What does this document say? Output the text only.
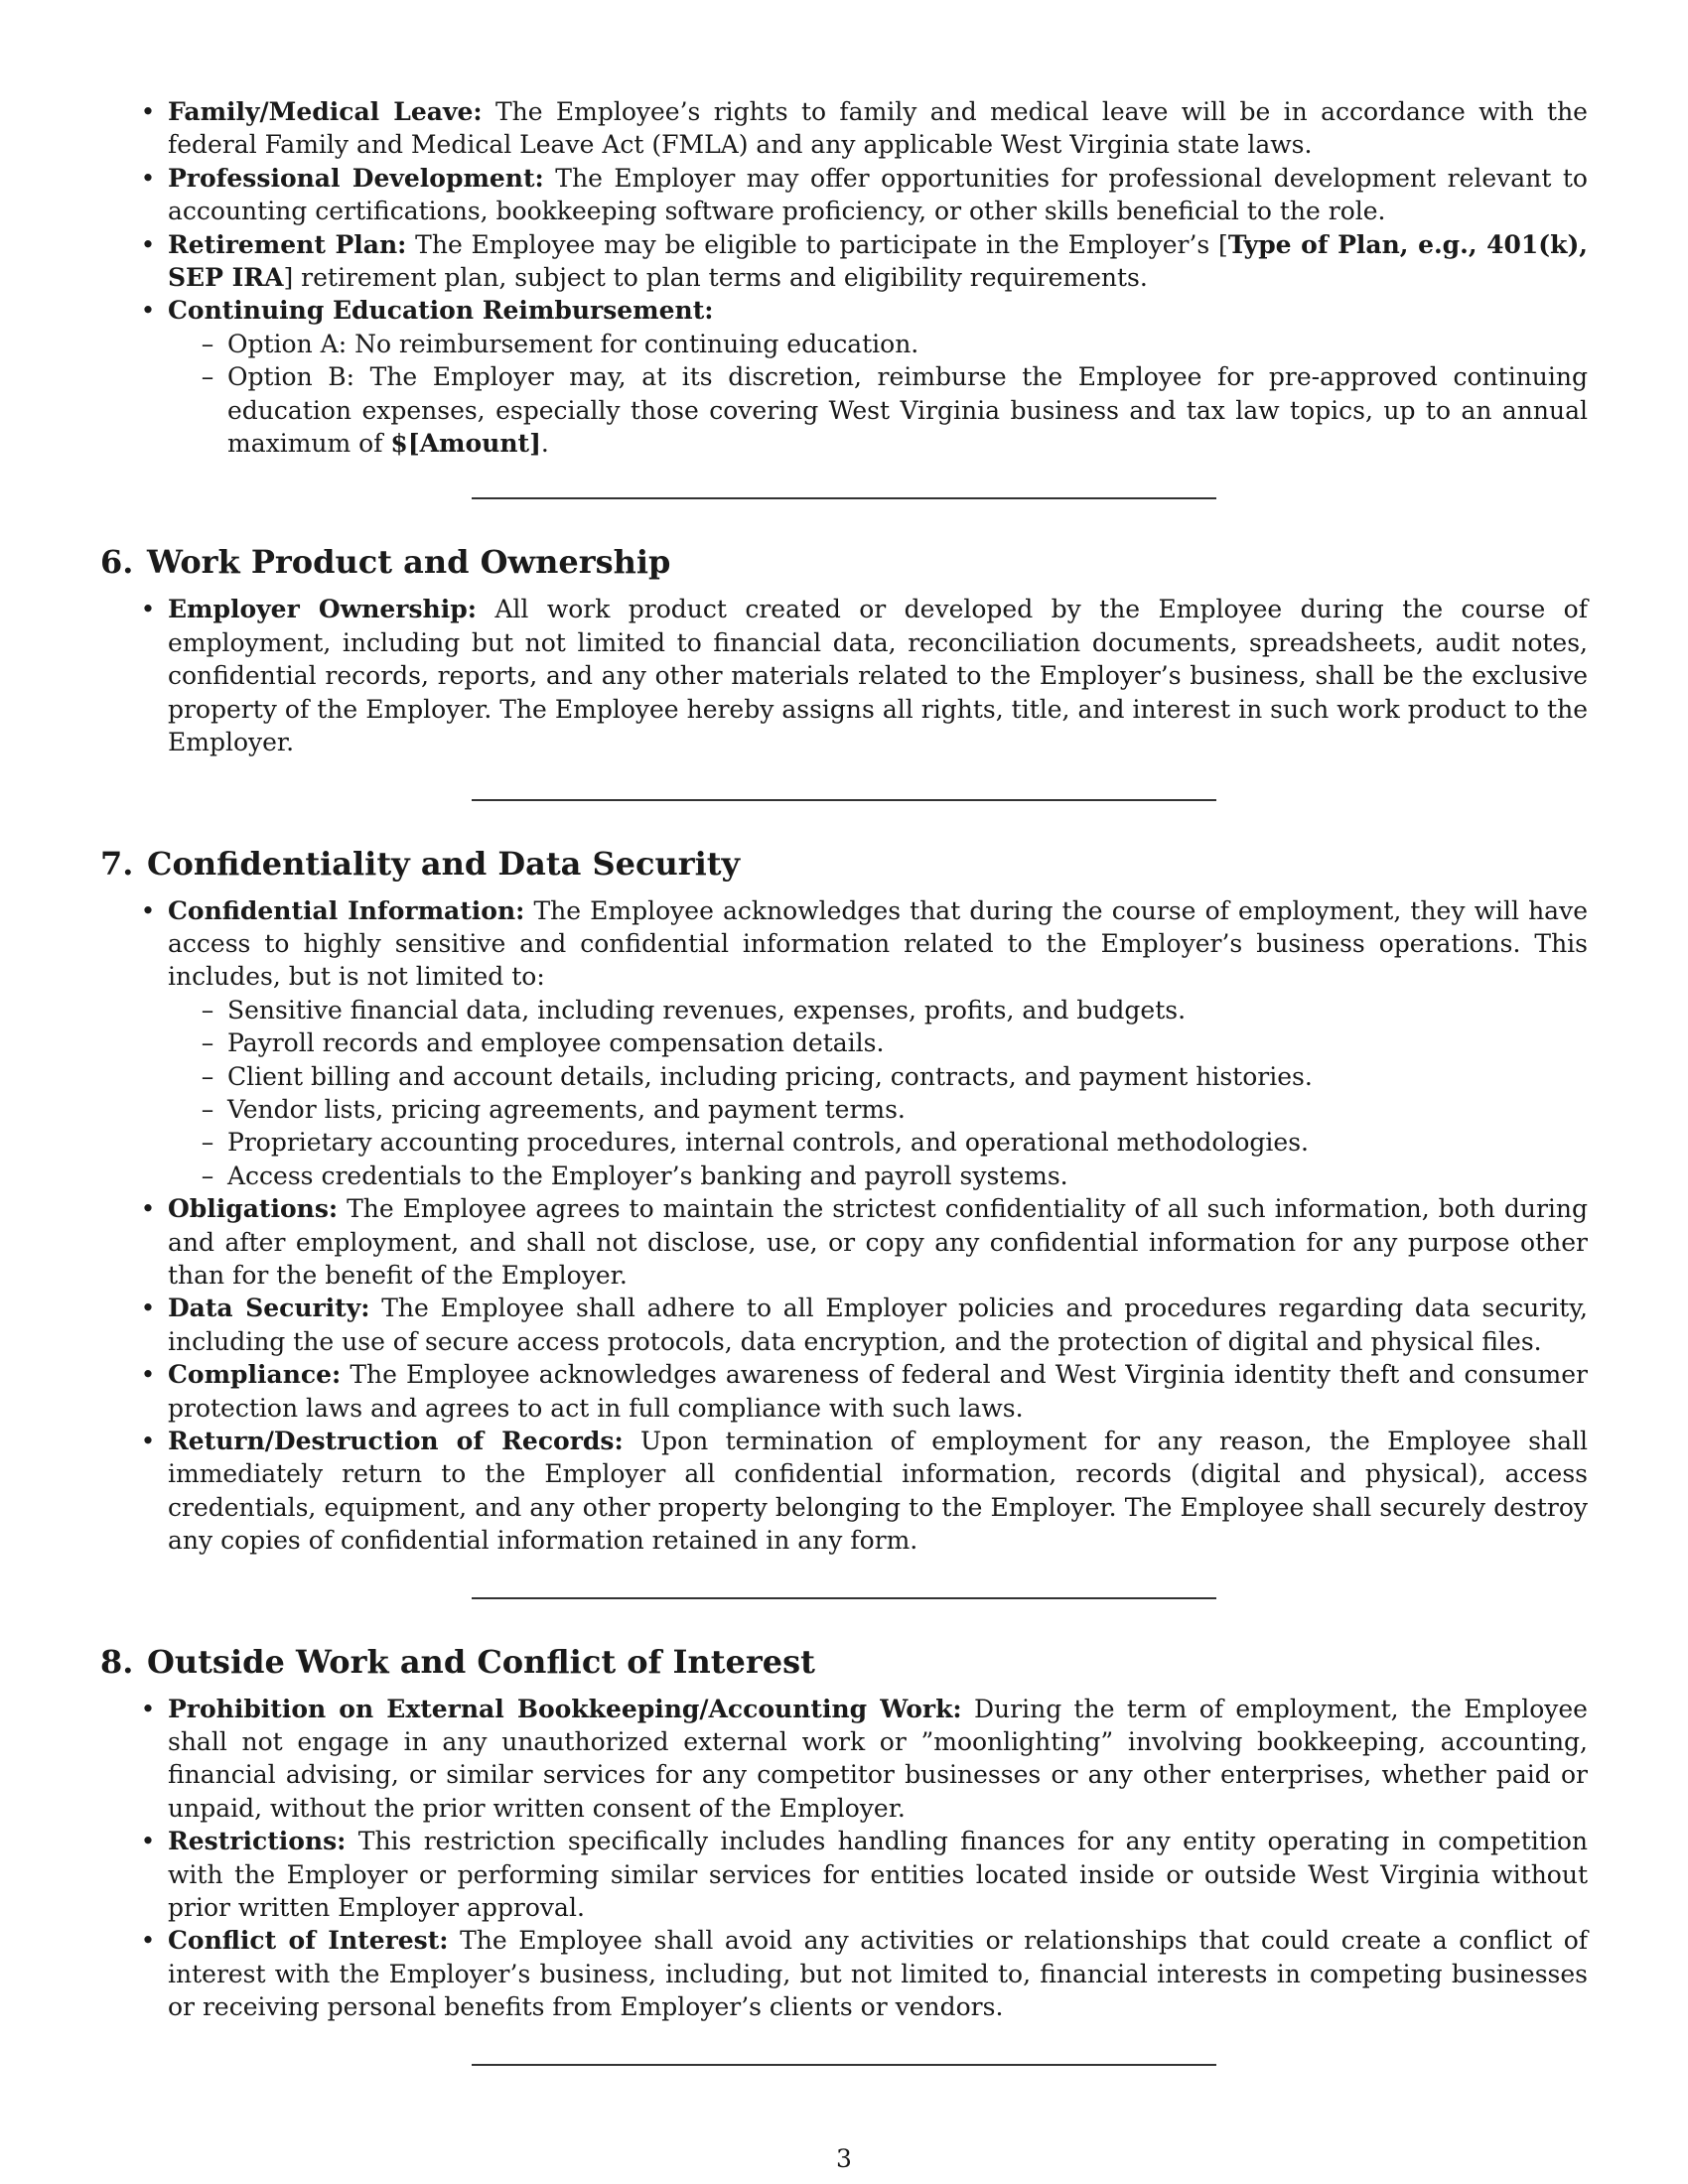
• Family/Medical Leave: The Employee’s rights to family and medical leave will be in accordance with the federal Family and Medical Leave Act (FMLA) and any applicable West Virginia state laws.
• Professional Development: The Employer may offer opportunities for professional development relevant to accounting certifications, bookkeeping software proficiency, or other skills beneficial to the role.
• Retirement Plan: The Employee may be eligible to participate in the Employer’s [Type of Plan, e.g., 401(k), SEP IRA] retirement plan, subject to plan terms and eligibility requirements.
• Continuing Education Reimbursement:
– Option A: No reimbursement for continuing education.
– Option B: The Employer may, at its discretion, reimburse the Employee for pre-approved continuing education expenses, especially those covering West Virginia business and tax law topics, up to an annual maximum of $[Amount].
6. Work Product and Ownership
• Employer Ownership: All work product created or developed by the Employee during the course of employment, including but not limited to financial data, reconciliation documents, spreadsheets, audit notes, confidential records, reports, and any other materials related to the Employer’s business, shall be the exclusive property of the Employer. The Employee hereby assigns all rights, title, and interest in such work product to the Employer.
7. Confidentiality and Data Security
• Confidential Information: The Employee acknowledges that during the course of employment, they will have access to highly sensitive and confidential information related to the Employer’s business operations. This includes, but is not limited to:
– Sensitive financial data, including revenues, expenses, profits, and budgets.
– Payroll records and employee compensation details.
– Client billing and account details, including pricing, contracts, and payment histories.
– Vendor lists, pricing agreements, and payment terms.
– Proprietary accounting procedures, internal controls, and operational methodologies.
– Access credentials to the Employer’s banking and payroll systems.
• Obligations: The Employee agrees to maintain the strictest confidentiality of all such information, both during and after employment, and shall not disclose, use, or copy any confidential information for any purpose other than for the benefit of the Employer.
• Data Security: The Employee shall adhere to all Employer policies and procedures regarding data security, including the use of secure access protocols, data encryption, and the protection of digital and physical files.
• Compliance: The Employee acknowledges awareness of federal and West Virginia identity theft and consumer protection laws and agrees to act in full compliance with such laws.
• Return/Destruction of Records: Upon termination of employment for any reason, the Employee shall immediately return to the Employer all confidential information, records (digital and physical), access credentials, equipment, and any other property belonging to the Employer. The Employee shall securely destroy any copies of confidential information retained in any form.
8. Outside Work and Conflict of Interest
• Prohibition on External Bookkeeping/Accounting Work: During the term of employment, the Employee shall not engage in any unauthorized external work or ”moonlighting” involving bookkeeping, accounting, financial advising, or similar services for any competitor businesses or any other enterprises, whether paid or unpaid, without the prior written consent of the Employer.
• Restrictions: This restriction specifically includes handling finances for any entity operating in competition with the Employer or performing similar services for entities located inside or outside West Virginia without prior written Employer approval.
• Conflict of Interest: The Employee shall avoid any activities or relationships that could create a conflict of interest with the Employer’s business, including, but not limited to, financial interests in competing businesses or receiving personal benefits from Employer’s clients or vendors.
3
